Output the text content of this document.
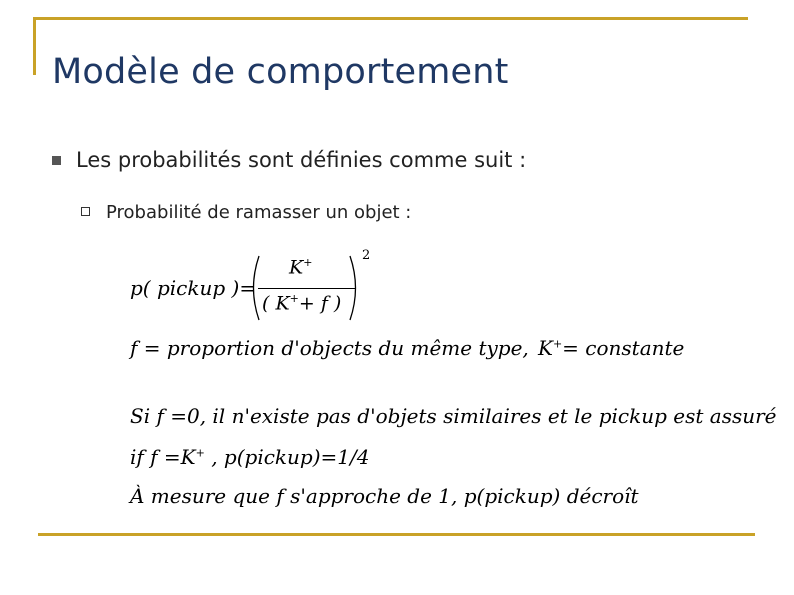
Modèle de comportement
Les probabilités sont définies comme suit :
Probabilité de ramasser un objet :
p( pickup )=
K+
( K++ f )
2
f = proportion d'objects du même type, K+= constante
Si f =0, il n'existe pas d'objets similaires et le pickup est assuré
if f =K+ , p(pickup)=1/4
À mesure que f s'approche de 1, p(pickup) décroît
